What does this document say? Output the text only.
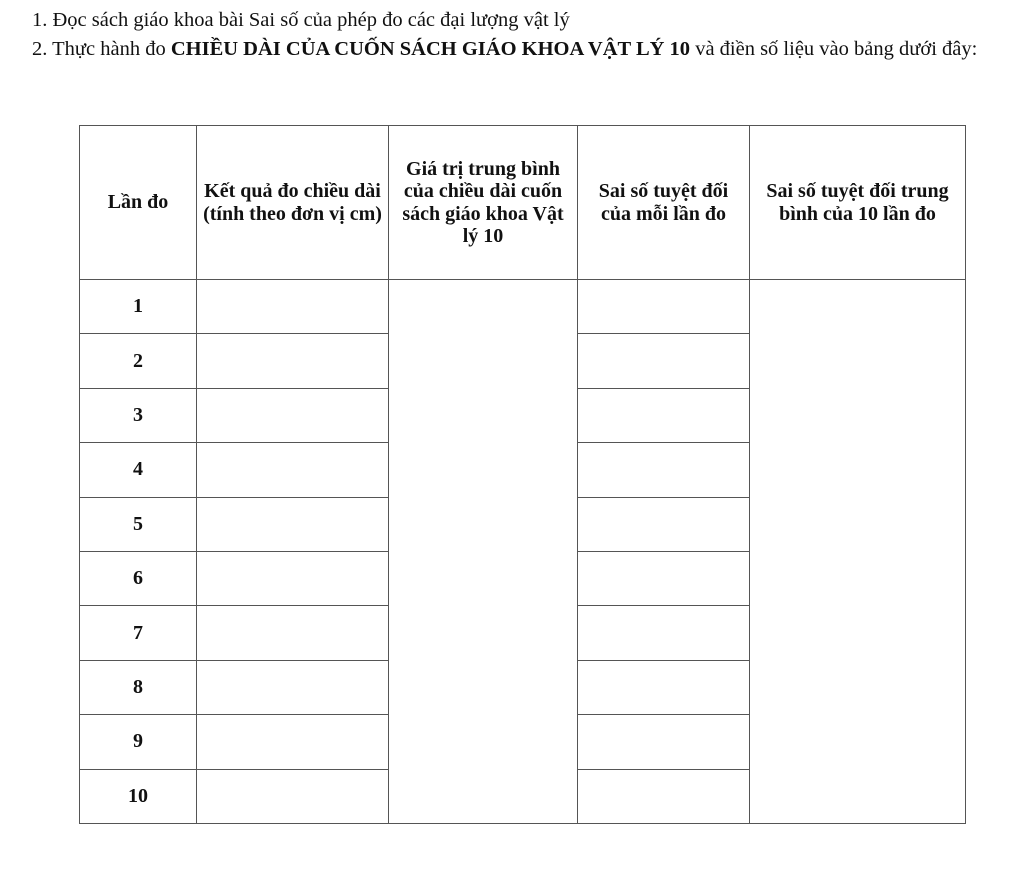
1. Đọc sách giáo khoa bài Sai số của phép đo các đại lượng vật lý

2. Thực hành đo CHIỀU DÀI CỦA CUỐN SÁCH GIÁO KHOA VẬT LÝ 10 và điền số liệu vào bảng dưới đây:

Lần đo	Kết quả đo chiều dài (tính theo đơn vị cm)	Giá trị trung bình của chiều dài cuốn sách giáo khoa Vật lý 10	Sai số tuyệt đối của mỗi lần đo	Sai số tuyệt đối trung bình của 10 lần đo
1				
2				
3				
4				
5				
6				
7				
8				
9				
10				
